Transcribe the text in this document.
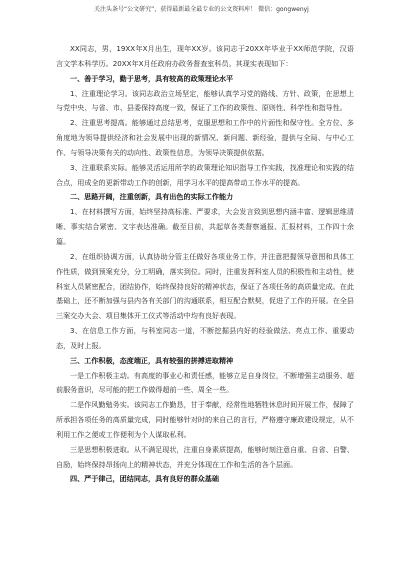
关注头条号“公文研究”，获得最新最全最专业的公文资料库！ 微信：gongwenyj

XX同志，男，19XX年X月出生，现年XX岁。该同志于20XX年毕业于XX师范学院，汉语言文学本科学历。20XX年X月任政府办政务督查室科员。其现实表现如下：

一、善于学习，勤于思考，具有较高的政策理论水平

1、注重理论学习。该同志政治立场坚定，能够认真学习党的路线、方针、政策，在思想上与党中央、与省、市、县委保持高度一致，保证了工作的政策性、原则性、科学性和指导性。

2、注重思考提高。能够通过总结思考，克服思想和工作中的片面性和保守性。全方位、多角度地为领导提供经济和社会发展中出现的新情况、新问题、新经验，提供与全局、与中心工作、与领导决策有关的动向性、政策性信息，为领导决策提供依据。

3、注重联系实际。能够灵活运用所学的政策理论知识指导工作实践，找准理论和实践的结合点，用成全的更新带动工作的创新，用学习水平的提高带动工作水平的提高。

二、思路开阔，注重创新，具有出色的实际工作能力

1、在材料撰写方面，始终坚持高标准、严要求，大会发言致到思想内涵丰富、逻辑思维清晰、事实结合紧密、文字表达准确。截至目前，共起草各类督察通报、汇报材料，工作四十余篇。

2、在组织协调方面，认真协助分管主任做好各项业务工作，并注意把握领导意图和具体工作性质，做到预案充分，分工明确，落实到位。同时，注重发挥科室人员的积极性和主动性，使科室人员紧密配合，团结协作，始终保持良好的精神状态，保证了各项任务的高质量完成。在此基础上，还不断加强与县内各有关部门的沟通联系，相互配合默契，促进了工作的开展。在全县三案交办大会、项目集体开工仪式等活动中均有良好表现。

3、在信息工作方面，与科室同志一道，不断挖掘县内好的经验做法、亮点工作、重要动态，及时上报。

三、工作积极，态度端正，具有较强的拼搏进取精神

一是工作积极主动。有高度的事业心和责任感，能够立足自身岗位，不断增强主动服务、超前服务意识，尽可能的把工作做得超前一些、周全一些。

二是作风勤勉务实。该同志工作勤恳，甘于奉献，经常性地牺牲休息时间开展工作，保障了所承担各项任务的高质量完成，同时能够针对时的来自己的言行，严格遵守廉政建设规定，从不利用工作之便或工作便利为个人谋取私利。

三是思想积极进取。从不满足现状，注重自身素质提高，能够时刻注意自重、自省、自警、自励，始终保持昂扬向上的精神状态，并充分体现在工作和生活的各个层面。

四、严于律己，团结同志，具有良好的群众基础
